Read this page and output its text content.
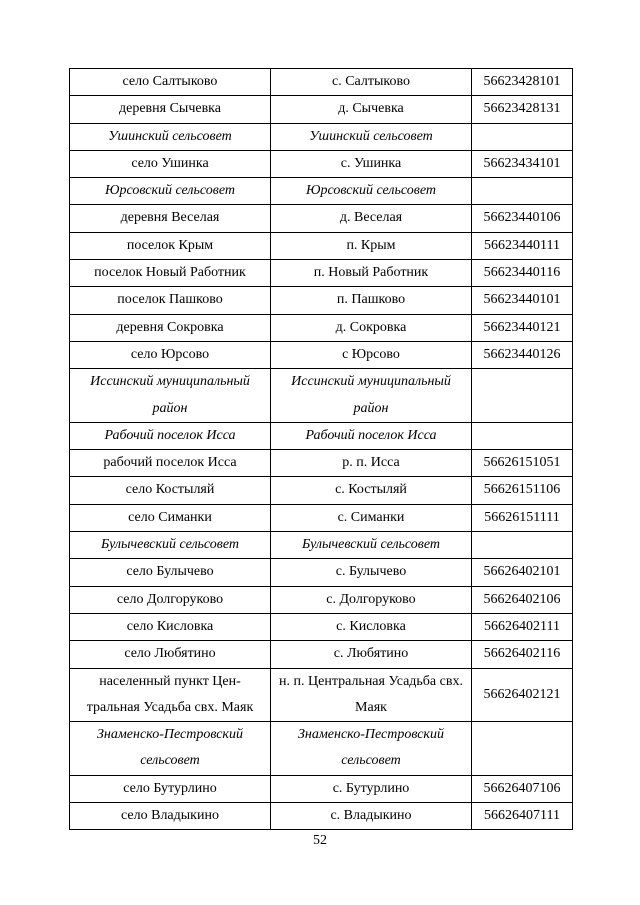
село Салтыково	с. Салтыково	56623428101
деревня Сычевка	д. Сычевка	56623428131
Ушинский сельсовет	Ушинский сельсовет	
село Ушинка	с. Ушинка	56623434101
Юрсовский сельсовет	Юрсовский сельсовет	
деревня Веселая	д. Веселая	56623440106
поселок Крым	п. Крым	56623440111
поселок Новый Работник	п. Новый Работник	56623440116
поселок Пашково	п. Пашково	56623440101
деревня Сокровка	д. Сокровка	56623440121
село Юрсово	с Юрсово	56623440126
Иссинский муниципальный район	Иссинский муниципальный район	
Рабочий поселок Исса	Рабочий поселок Исса	
рабочий поселок Исса	р. п. Исса	56626151051
село Костыляй	с. Костыляй	56626151106
село Симанки	с. Симанки	56626151111
Булычевский сельсовет	Булычевский сельсовет	
село Булычево	с. Булычево	56626402101
село Долгоруково	с. Долгоруково	56626402106
село Кисловка	с. Кисловка	56626402111
село Любятино	с. Любятино	56626402116
населенный пункт Цен-тральная Усадьба свх. Маяк	н. п. Центральная Усадьба свх. Маяк	56626402121
Знаменско-Пестровский сельсовет	Знаменско-Пестровский сельсовет	
село Бутурлино	с. Бутурлино	56626407106
село Владыкино	с. Владыкино	56626407111
52
